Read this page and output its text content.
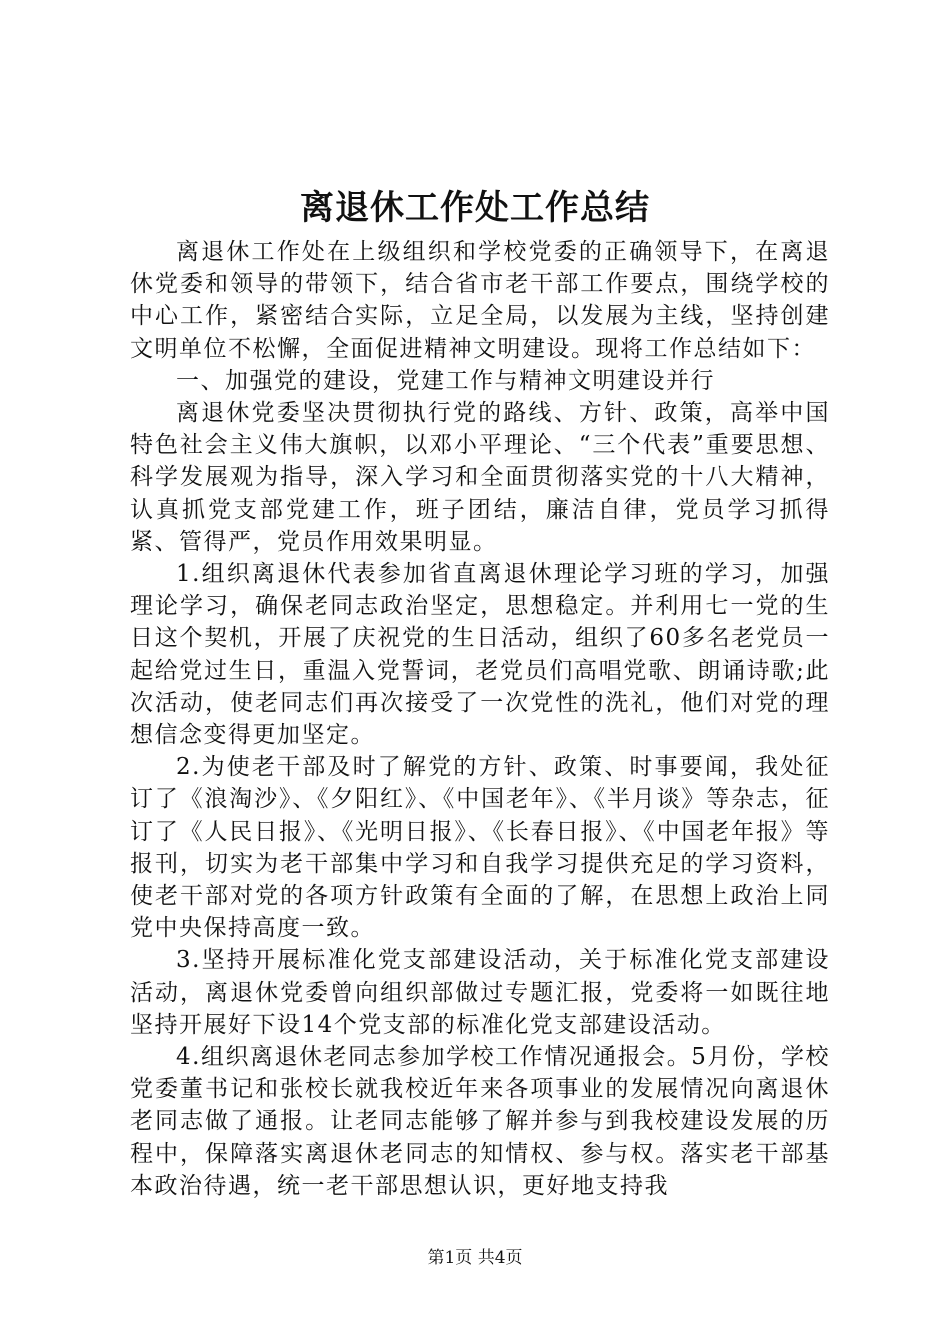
离退休工作处工作总结

离退休工作处在上级组织和学校党委的正确领导下，在离退休党委和领导的带领下，结合省市老干部工作要点，围绕学校的中心工作，紧密结合实际，立足全局，以发展为主线，坚持创建文明单位不松懈，全面促进精神文明建设。现将工作总结如下：

一、加强党的建设，党建工作与精神文明建设并行

离退休党委坚决贯彻执行党的路线、方针、政策，高举中国特色社会主义伟大旗帜，以邓小平理论、“三个代表”重要思想、科学发展观为指导，深入学习和全面贯彻落实党的十八大精神，认真抓党支部党建工作，班子团结，廉洁自律，党员学习抓得紧、管得严，党员作用效果明显。

1.组织离退休代表参加省直离退休理论学习班的学习，加强理论学习，确保老同志政治坚定，思想稳定。并利用七一党的生日这个契机，开展了庆祝党的生日活动，组织了60多名老党员一起给党过生日，重温入党誓词，老党员们高唱党歌、朗诵诗歌;此次活动，使老同志们再次接受了一次党性的洗礼，他们对党的理想信念变得更加坚定。

2.为使老干部及时了解党的方针、政策、时事要闻，我处征订了《浪淘沙》、《夕阳红》、《中国老年》、《半月谈》等杂志，征订了《人民日报》、《光明日报》、《长春日报》、《中国老年报》等报刊，切实为老干部集中学习和自我学习提供充足的学习资料，使老干部对党的各项方针政策有全面的了解，在思想上政治上同党中央保持高度一致。

3.坚持开展标准化党支部建设活动，关于标准化党支部建设活动，离退休党委曾向组织部做过专题汇报，党委将一如既往地坚持开展好下设14个党支部的标准化党支部建设活动。

4.组织离退休老同志参加学校工作情况通报会。5月份，学校党委董书记和张校长就我校近年来各项事业的发展情况向离退休老同志做了通报。让老同志能够了解并参与到我校建设发展的历程中，保障落实离退休老同志的知情权、参与权。落实老干部基本政治待遇，统一老干部思想认识，更好地支持我

第1页 共4页
